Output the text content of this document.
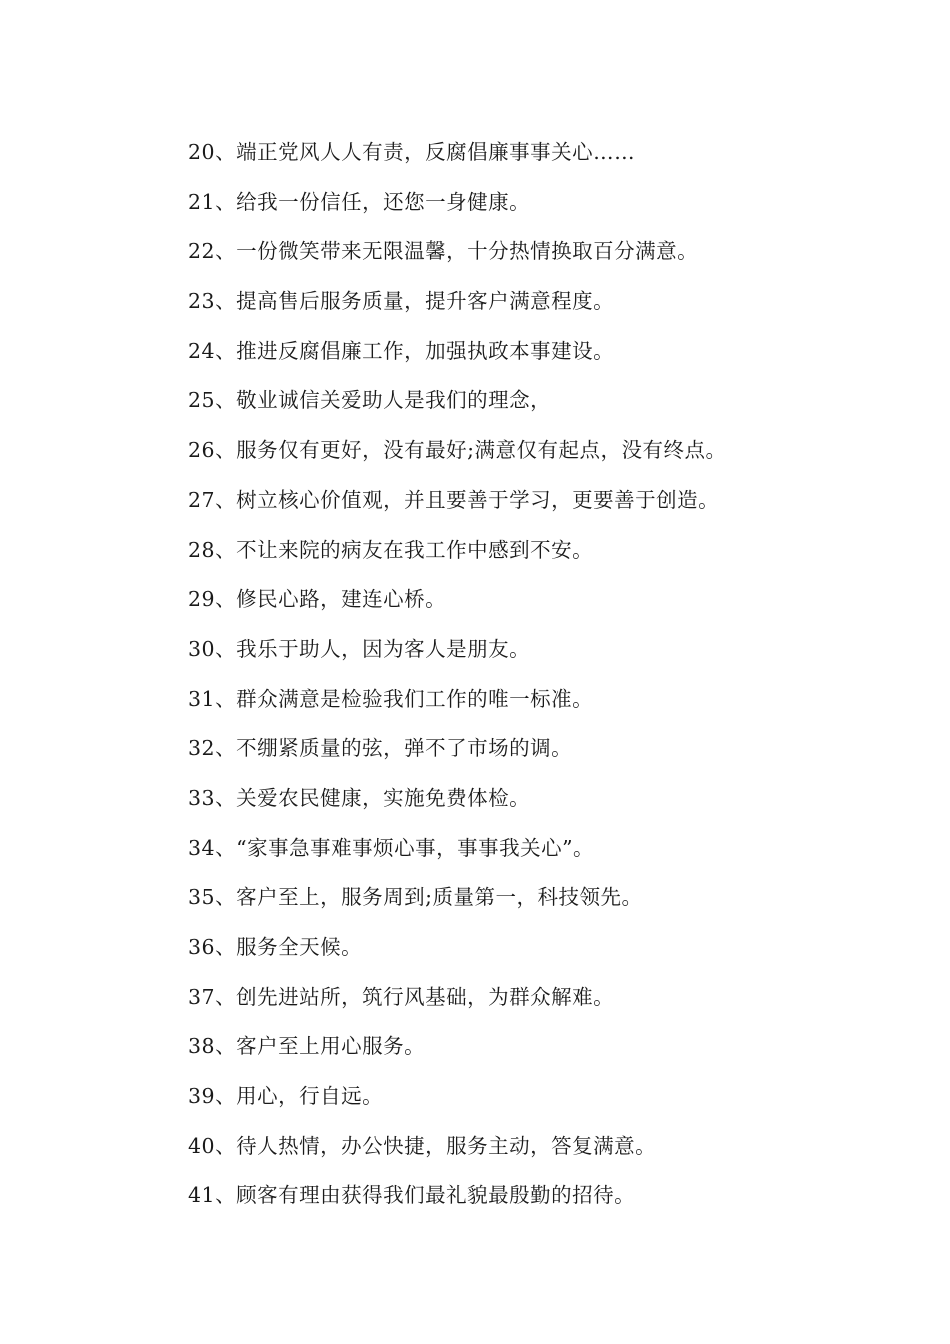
20、端正党风人人有责，反腐倡廉事事关心……
21、给我一份信任，还您一身健康。
22、一份微笑带来无限温馨，十分热情换取百分满意。
23、提高售后服务质量，提升客户满意程度。
24、推进反腐倡廉工作，加强执政本事建设。
25、敬业诚信关爱助人是我们的理念，
26、服务仅有更好，没有最好;满意仅有起点，没有终点。
27、树立核心价值观，并且要善于学习，更要善于创造。
28、不让来院的病友在我工作中感到不安。
29、修民心路，建连心桥。
30、我乐于助人，因为客人是朋友。
31、群众满意是检验我们工作的唯一标准。
32、不绷紧质量的弦，弹不了市场的调。
33、关爱农民健康，实施免费体检。
34、“家事急事难事烦心事，事事我关心”。
35、客户至上，服务周到;质量第一，科技领先。
36、服务全天候。
37、创先进站所，筑行风基础，为群众解难。
38、客户至上用心服务。
39、用心，行自远。
40、待人热情，办公快捷，服务主动，答复满意。
41、顾客有理由获得我们最礼貌最殷勤的招待。
